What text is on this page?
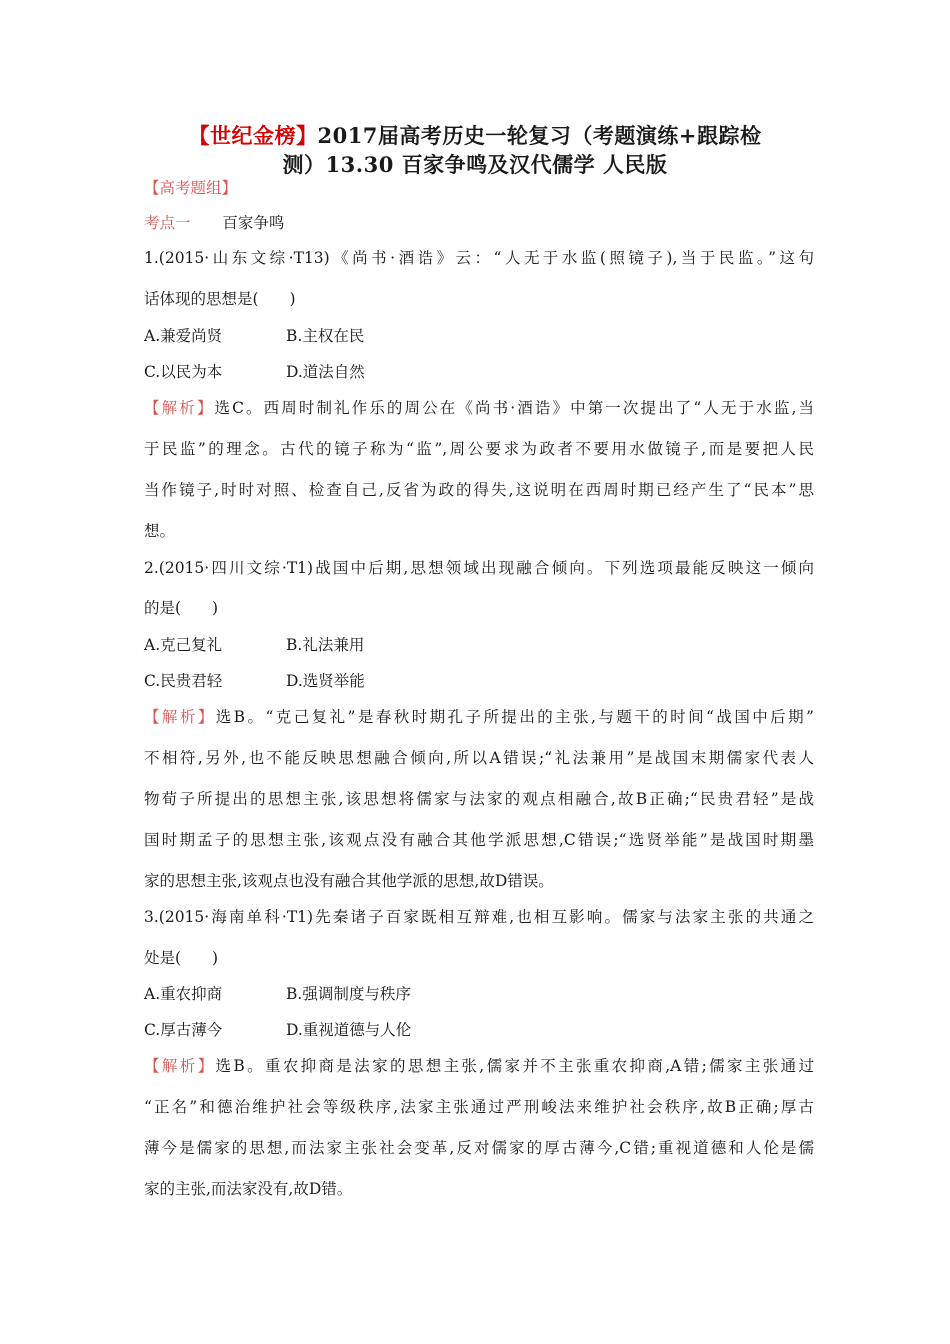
【世纪金榜】2017届高考历史一轮复习（考题演练+跟踪检
测）13.30 百家争鸣及汉代儒学 人民版
【高考题组】
考点一 百家争鸣
1.(2015·山东文综·T13)《尚书·酒诰》云：“人无于水监(照镜子),当于民监。”这句
话体现的思想是(　　)
A.兼爱尚贤	B.主权在民
C.以民为本	D.道法自然
【解析】选C。西周时制礼作乐的周公在《尚书·酒诰》中第一次提出了“人无于水监,当
于民监”的理念。古代的镜子称为“监”,周公要求为政者不要用水做镜子,而是要把人民
当作镜子,时时对照、检查自己,反省为政的得失,这说明在西周时期已经产生了“民本”思
想。
2.(2015·四川文综·T1)战国中后期,思想领域出现融合倾向。下列选项最能反映这一倾向
的是(　　)
A.克己复礼	B.礼法兼用
C.民贵君轻	D.选贤举能
【解析】选B。“克己复礼”是春秋时期孔子所提出的主张,与题干的时间“战国中后期”
不相符,另外,也不能反映思想融合倾向,所以A错误;“礼法兼用”是战国末期儒家代表人
物荀子所提出的思想主张,该思想将儒家与法家的观点相融合,故B正确;“民贵君轻”是战
国时期孟子的思想主张,该观点没有融合其他学派思想,C错误;“选贤举能”是战国时期墨
家的思想主张,该观点也没有融合其他学派的思想,故D错误。
3.(2015·海南单科·T1)先秦诸子百家既相互辩难,也相互影响。儒家与法家主张的共通之
处是(　　)
A.重农抑商	B.强调制度与秩序
C.厚古薄今	D.重视道德与人伦
【解析】选B。重农抑商是法家的思想主张,儒家并不主张重农抑商,A错;儒家主张通过
“正名”和德治维护社会等级秩序,法家主张通过严刑峻法来维护社会秩序,故B正确;厚古
薄今是儒家的思想,而法家主张社会变革,反对儒家的厚古薄今,C错;重视道德和人伦是儒
家的主张,而法家没有,故D错。
